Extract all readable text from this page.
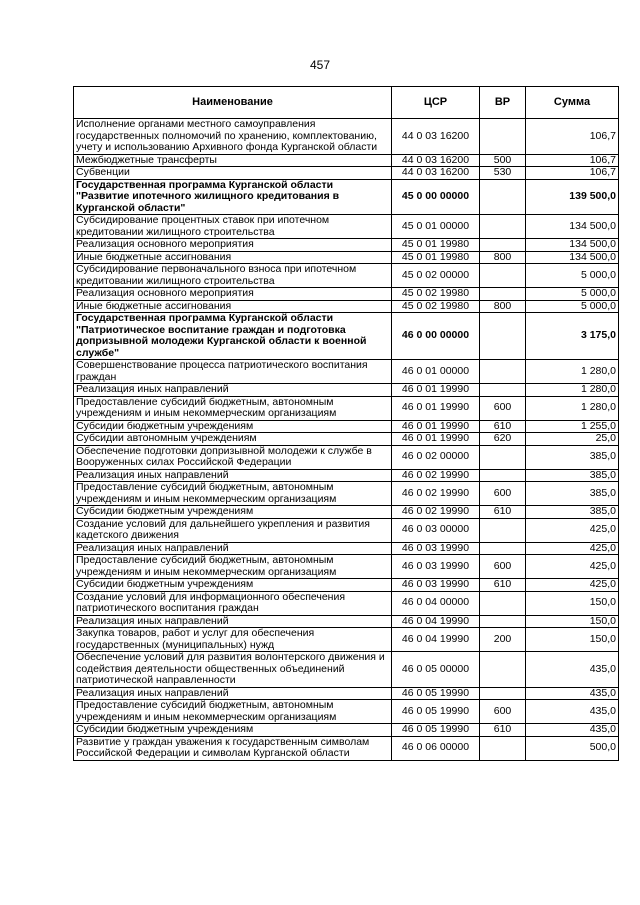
457
Наименование	ЦСР	ВР	Сумма
Исполнение органами местного самоуправления государственных полномочий по хранению, комплектованию, учету и использованию Архивного фонда Курганской области	44 0 03 16200		106,7
Межбюджетные трансферты	44 0 03 16200	500	106,7
Субвенции	44 0 03 16200	530	106,7
Государственная программа Курганской области "Развитие ипотечного жилищного кредитования в Курганской области"	45 0 00 00000		139 500,0
Субсидирование процентных ставок при ипотечном кредитовании жилищного строительства	45 0 01 00000		134 500,0
Реализация основного мероприятия	45 0 01 19980		134 500,0
Иные бюджетные ассигнования	45 0 01 19980	800	134 500,0
Субсидирование первоначального взноса при ипотечном кредитовании жилищного строительства	45 0 02 00000		5 000,0
Реализация основного мероприятия	45 0 02 19980		5 000,0
Иные бюджетные ассигнования	45 0 02 19980	800	5 000,0
Государственная программа Курганской области "Патриотическое воспитание граждан и подготовка допризывной молодежи Курганской области к военной службе"	46 0 00 00000		3 175,0
Совершенствование процесса патриотического воспитания граждан	46 0 01 00000		1 280,0
Реализация иных направлений	46 0 01 19990		1 280,0
Предоставление субсидий бюджетным, автономным учреждениям и иным некоммерческим организациям	46 0 01 19990	600	1 280,0
Субсидии бюджетным учреждениям	46 0 01 19990	610	1 255,0
Субсидии автономным учреждениям	46 0 01 19990	620	25,0
Обеспечение подготовки допризывной молодежи к службе в Вооруженных силах Российской Федерации	46 0 02 00000		385,0
Реализация иных направлений	46 0 02 19990		385,0
Предоставление субсидий бюджетным, автономным учреждениям и иным некоммерческим организациям	46 0 02 19990	600	385,0
Субсидии бюджетным учреждениям	46 0 02 19990	610	385,0
Создание условий для дальнейшего укрепления и развития кадетского движения	46 0 03 00000		425,0
Реализация иных направлений	46 0 03 19990		425,0
Предоставление субсидий бюджетным, автономным учреждениям и иным некоммерческим организациям	46 0 03 19990	600	425,0
Субсидии бюджетным учреждениям	46 0 03 19990	610	425,0
Создание условий для информационного обеспечения патриотического воспитания граждан	46 0 04 00000		150,0
Реализация иных направлений	46 0 04 19990		150,0
Закупка товаров, работ и услуг для обеспечения государственных (муниципальных) нужд	46 0 04 19990	200	150,0
Обеспечение условий для развития волонтерского движения и содействия деятельности общественных объединений патриотической направленности	46 0 05 00000		435,0
Реализация иных направлений	46 0 05 19990		435,0
Предоставление субсидий бюджетным, автономным учреждениям и иным некоммерческим организациям	46 0 05 19990	600	435,0
Субсидии бюджетным учреждениям	46 0 05 19990	610	435,0
Развитие у граждан уважения к государственным символам Российской Федерации и символам Курганской области	46 0 06 00000		500,0
